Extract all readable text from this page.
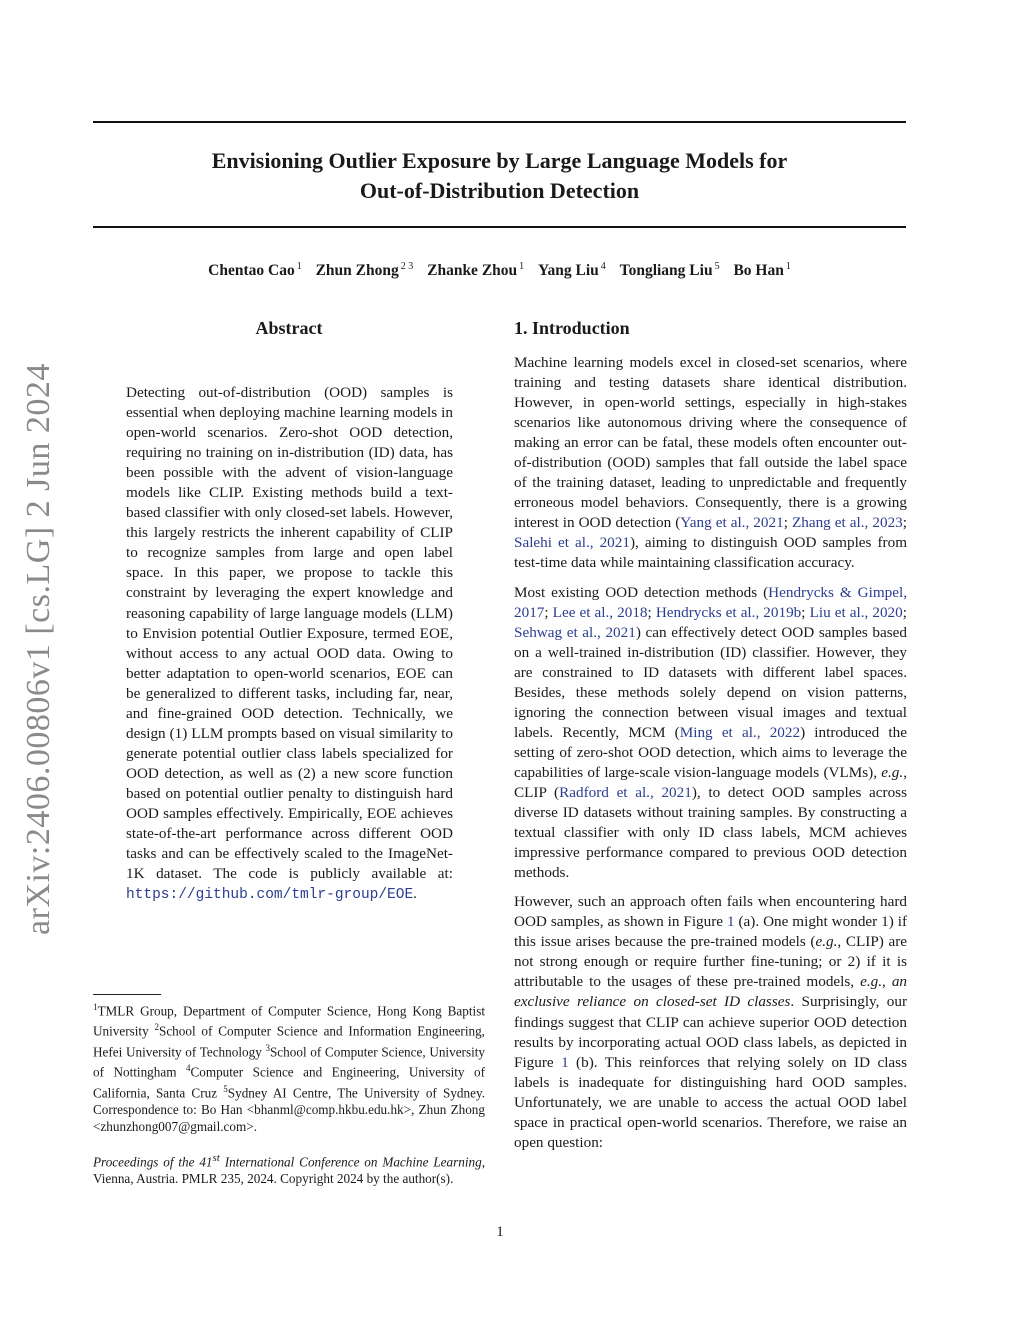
arXiv:2406.00806v1 [cs.LG] 2 Jun 2024
Envisioning Outlier Exposure by Large Language Models for
Out-of-Distribution Detection
Chentao Cao $^1$ Zhun Zhong $^{2 3}$ Zhanke Zhou $^1$ Yang Liu $^4$ Tongliang Liu $^5$ Bo Han $^1$
Abstract
Detecting out-of-distribution (OOD) samples is essential when deploying machine learning models in open-world scenarios. Zero-shot OOD detection, requiring no training on in-distribution (ID) data, has been possible with the advent of vision-language models like CLIP. Existing methods build a text-based classifier with only closed-set labels. However, this largely restricts the inherent capability of CLIP to recognize samples from large and open label space. In this paper, we propose to tackle this constraint by leveraging the expert knowledge and reasoning capability of large language models (LLM) to Envision potential Outlier Exposure, termed EOE, without access to any actual OOD data. Owing to better adaptation to open-world scenarios, EOE can be generalized to different tasks, including far, near, and fine-grained OOD detection. Technically, we design (1) LLM prompts based on visual similarity to generate potential outlier class labels specialized for OOD detection, as well as (2) a new score function based on potential outlier penalty to distinguish hard OOD samples effectively. Empirically, EOE achieves state-of-the-art performance across different OOD tasks and can be effectively scaled to the ImageNet-1K dataset. The code is publicly available at: https://github.com/tmlr-group/EOE.
1. Introduction

Machine learning models excel in closed-set scenarios, where training and testing datasets share identical distribution. However, in open-world settings, especially in high-stakes scenarios like autonomous driving where the consequence of making an error can be fatal, these models often encounter out-of-distribution (OOD) samples that fall outside the label space of the training dataset, leading to unpredictable and frequently erroneous model behaviors. Consequently, there is a growing interest in OOD detection (Yang et al., 2021; Zhang et al., 2023; Salehi et al., 2021), aiming to distinguish OOD samples from test-time data while maintaining classification accuracy.

Most existing OOD detection methods (Hendrycks & Gimpel, 2017; Lee et al., 2018; Hendrycks et al., 2019b; Liu et al., 2020; Sehwag et al., 2021) can effectively detect OOD samples based on a well-trained in-distribution (ID) classifier. However, they are constrained to ID datasets with different label spaces. Besides, these methods solely depend on vision patterns, ignoring the connection between visual images and textual labels. Recently, MCM (Ming et al., 2022) introduced the setting of zero-shot OOD detection, which aims to leverage the capabilities of large-scale vision-language models (VLMs), e.g., CLIP (Radford et al., 2021), to detect OOD samples across diverse ID datasets without training samples. By constructing a textual classifier with only ID class labels, MCM achieves impressive performance compared to previous OOD detection methods.

However, such an approach often fails when encountering hard OOD samples, as shown in Figure 1 (a). One might wonder 1) if this issue arises because the pre-trained models (e.g., CLIP) are not strong enough or require further fine-tuning; or 2) if it is attributable to the usages of these pre-trained models, e.g., an exclusive reliance on closed-set ID classes. Surprisingly, our findings suggest that CLIP can achieve superior OOD detection results by incorporating actual OOD class labels, as depicted in Figure 1 (b). This reinforces that relying solely on ID class labels is inadequate for distinguishing hard OOD samples. Unfortunately, we are unable to access the actual OOD label space in practical open-world scenarios. Therefore, we raise an open question:

$^1$TMLR Group, Department of Computer Science, Hong Kong Baptist University $^2$School of Computer Science and Information Engineering, Hefei University of Technology $^3$School of Computer Science, University of Nottingham $^4$Computer Science and Engineering, University of California, Santa Cruz $^5$Sydney AI Centre, The University of Sydney. Correspondence to: Bo Han <bhanml@comp.hkbu.edu.hk>, Zhun Zhong <zhunzhong007@gmail.com>.
Proceedings of the 41st International Conference on Machine Learning, Vienna, Austria. PMLR 235, 2024. Copyright 2024 by the author(s).
1
